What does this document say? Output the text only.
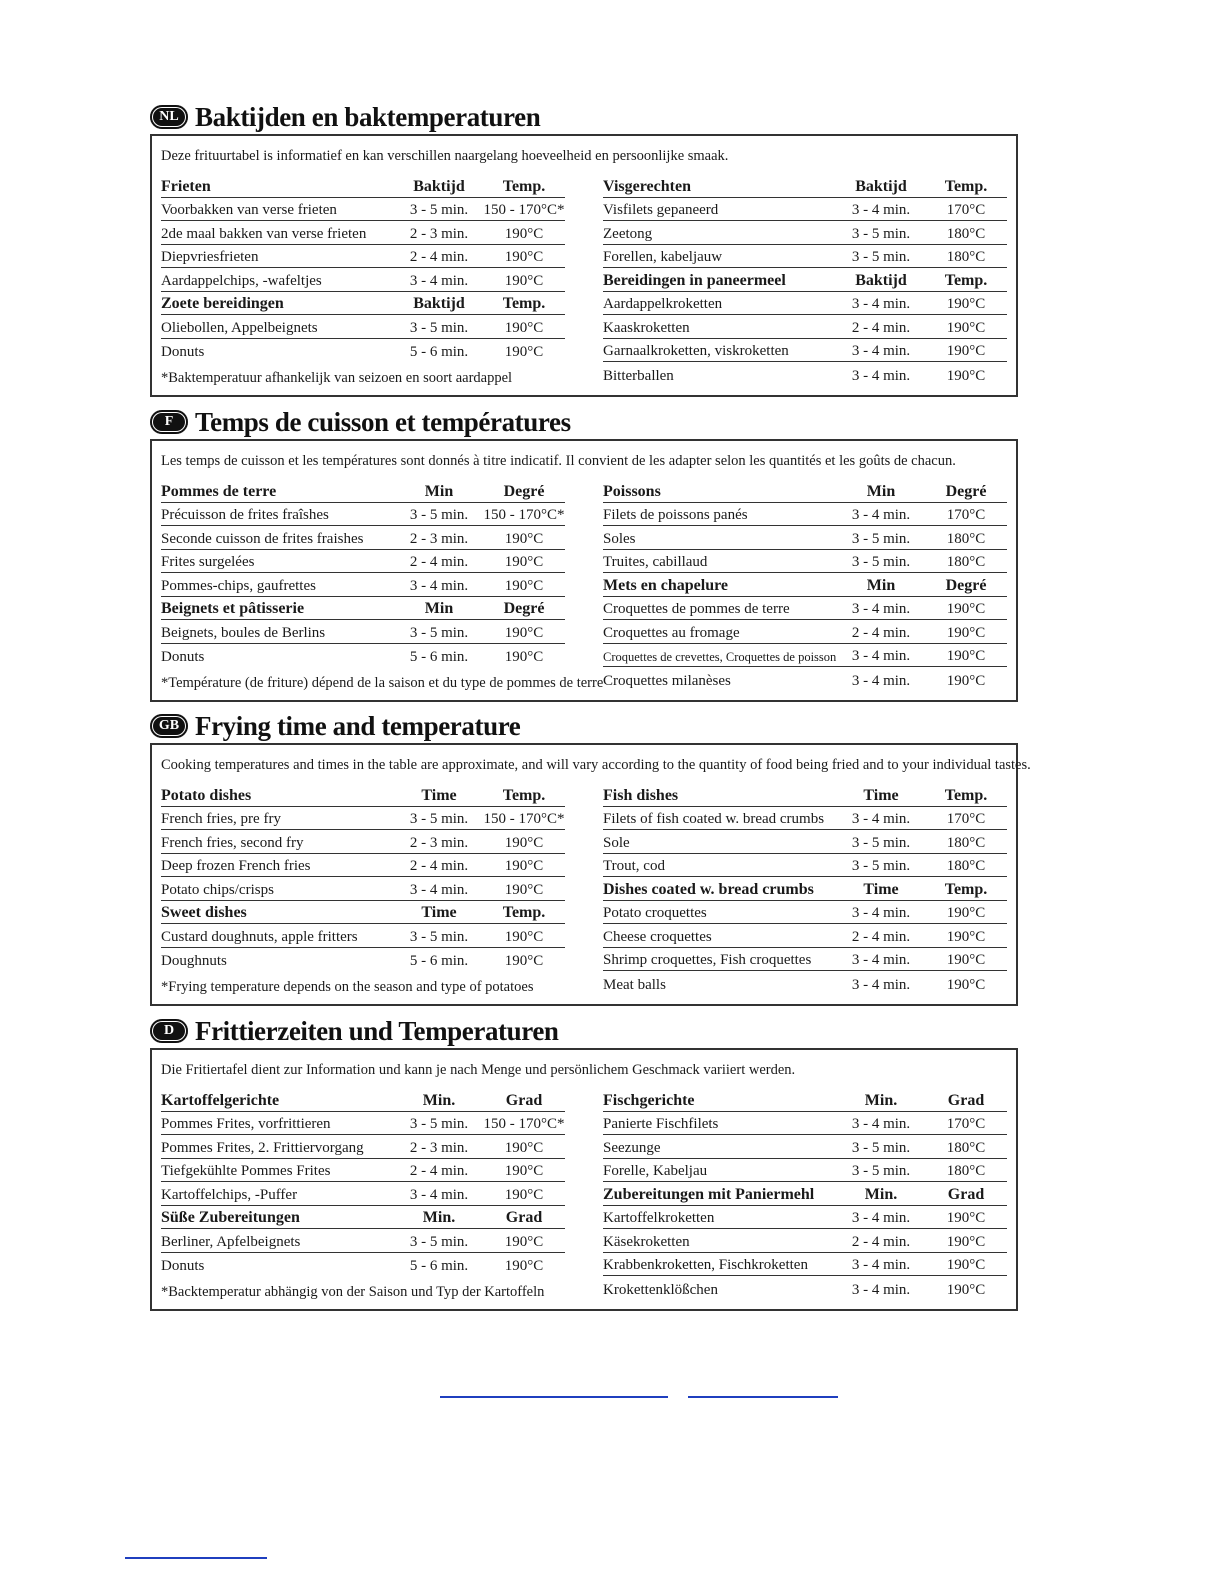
NL Baktijden en baktemperaturen
Deze frituurtabel is informatief en kan verschillen naargelang hoeveelheid en persoonlijke smaak.
Frieten	Baktijd	Temp.
Voorbakken van verse frieten	3 - 5 min.	150 - 170°C*
2de maal bakken van verse frieten	2 - 3 min.	190°C
Diepvriesfrieten	2 - 4 min.	190°C
Aardappelchips, -wafeltjes	3 - 4 min.	190°C
Zoete bereidingen	Baktijd	Temp.
Oliebollen, Appelbeignets	3 - 5 min.	190°C
Donuts	5 - 6 min.	190°C
*Baktemperatuur afhankelijk van seizoen en soort aardappel
Visgerechten	Baktijd	Temp.
Visfilets gepaneerd	3 - 4 min.	170°C
Zeetong	3 - 5 min.	180°C
Forellen, kabeljauw	3 - 5 min.	180°C
Bereidingen in paneermeel	Baktijd	Temp.
Aardappelkroketten	3 - 4 min.	190°C
Kaaskroketten	2 - 4 min.	190°C
Garnaalkroketten, viskroketten	3 - 4 min.	190°C
Bitterballen	3 - 4 min.	190°C
F Temps de cuisson et températures
Les temps de cuisson et les températures sont donnés à titre indicatif. Il convient de les adapter selon les quantités et les goûts de chacun.
Pommes de terre	Min	Degré
Précuisson de frites fraîshes	3 - 5 min.	150 - 170°C*
Seconde cuisson de frites fraishes	2 - 3 min.	190°C
Frites surgelées	2 - 4 min.	190°C
Pommes-chips, gaufrettes	3 - 4 min.	190°C
Beignets et pâtisserie	Min	Degré
Beignets, boules de Berlins	3 - 5 min.	190°C
Donuts	5 - 6 min.	190°C
*Température (de friture) dépend de la saison et du type de pommes de terre
Poissons	Min	Degré
Filets de poissons panés	3 - 4 min.	170°C
Soles	3 - 5 min.	180°C
Truites, cabillaud	3 - 5 min.	180°C
Mets en chapelure	Min	Degré
Croquettes de pommes de terre	3 - 4 min.	190°C
Croquettes au fromage	2 - 4 min.	190°C
Croquettes de crevettes, Croquettes de poisson	3 - 4 min.	190°C
Croquettes milanèses	3 - 4 min.	190°C
GB Frying time and temperature
Cooking temperatures and times in the table are approximate, and will vary according to the quantity of food being fried and to your individual tastes.
Potato dishes	Time	Temp.
French fries, pre fry	3 - 5 min.	150 - 170°C*
French fries, second fry	2 - 3 min.	190°C
Deep frozen French fries	2 - 4 min.	190°C
Potato chips/crisps	3 - 4 min.	190°C
Sweet dishes	Time	Temp.
Custard doughnuts, apple fritters	3 - 5 min.	190°C
Doughnuts	5 - 6 min.	190°C
*Frying temperature depends on the season and type of potatoes
Fish dishes	Time	Temp.
Filets of fish coated w. bread crumbs	3 - 4 min.	170°C
Sole	3 - 5 min.	180°C
Trout, cod	3 - 5 min.	180°C
Dishes coated w. bread crumbs	Time	Temp.
Potato croquettes	3 - 4 min.	190°C
Cheese croquettes	2 - 4 min.	190°C
Shrimp croquettes, Fish croquettes	3 - 4 min.	190°C
Meat balls	3 - 4 min.	190°C
D Frittierzeiten und Temperaturen
Die Fritiertafel dient zur Information und kann je nach Menge und persönlichem Geschmack variiert werden.
Kartoffelgerichte	Min.	Grad
Pommes Frites, vorfrittieren	3 - 5 min.	150 - 170°C*
Pommes Frites, 2. Frittiervorgang	2 - 3 min.	190°C
Tiefgekühlte Pommes Frites	2 - 4 min.	190°C
Kartoffelchips, -Puffer	3 - 4 min.	190°C
Süße Zubereitungen	Min.	Grad
Berliner, Apfelbeignets	3 - 5 min.	190°C
Donuts	5 - 6 min.	190°C
*Backtemperatur abhängig von der Saison und Typ der Kartoffeln
Fischgerichte	Min.	Grad
Panierte Fischfilets	3 - 4 min.	170°C
Seezunge	3 - 5 min.	180°C
Forelle, Kabeljau	3 - 5 min.	180°C
Zubereitungen mit Paniermehl	Min.	Grad
Kartoffelkroketten	3 - 4 min.	190°C
Käsekroketten	2 - 4 min.	190°C
Krabbenkroketten, Fischkroketten	3 - 4 min.	190°C
Krokettenklößchen	3 - 4 min.	190°C
